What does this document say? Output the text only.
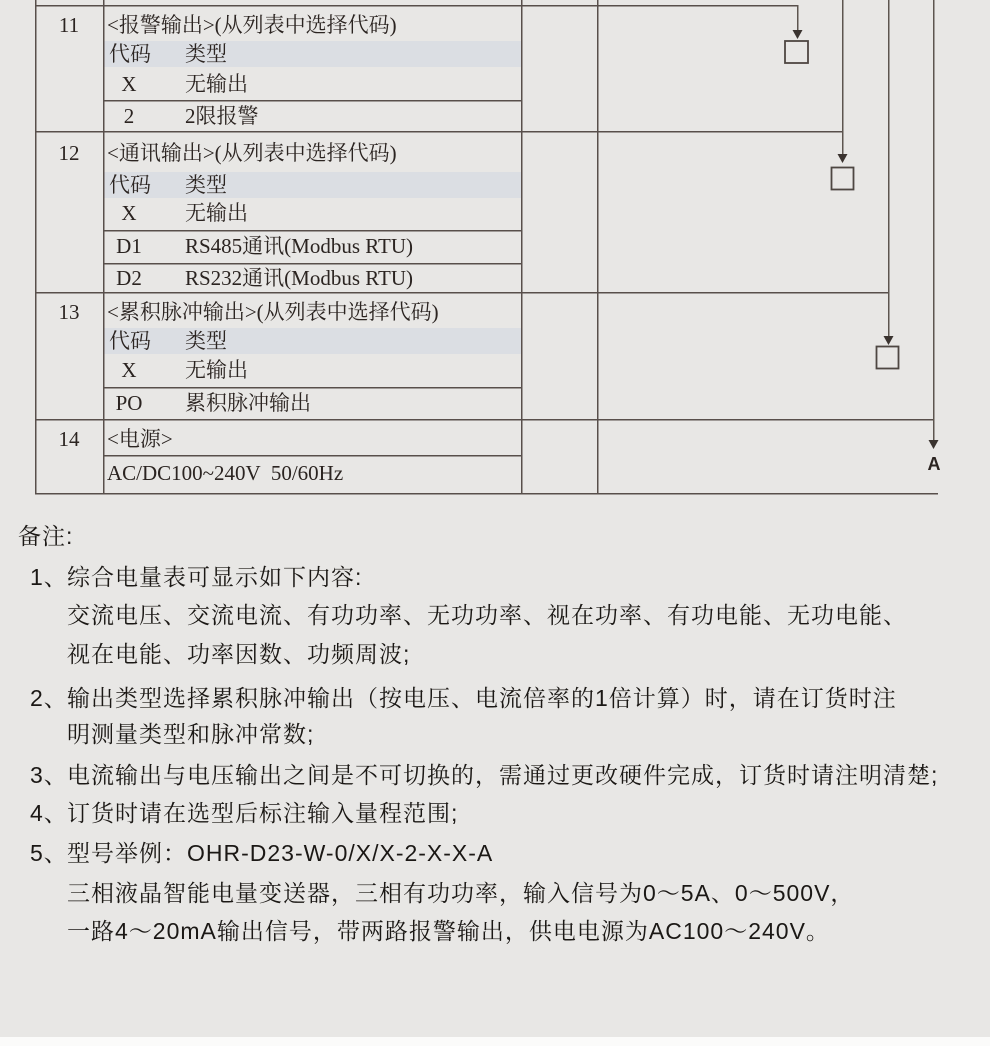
11	<报警输出>(从列表中选择代码)
代码 类型
X	无输出
2	2限报警
12	<通讯输出>(从列表中选择代码)
代码 类型
X	无输出
D1	RS485通讯(Modbus RTU)
D2	RS232通讯(Modbus RTU)
13	<累积脉冲输出>(从列表中选择代码)
代码 类型
X	无输出
PO	累积脉冲输出
14	<电源>
AC/DC100~240V  50/60Hz	A
备注:
1、 综合电量表可显示如下内容:
交流电压、交流电流、有功功率、无功功率、视在功率、有功电能、无功电能、
视在电能、功率因数、功频周波;
2、 输出类型选择累积脉冲输出（按电压、电流倍率的1倍计算）时，请在订货时注
明测量类型和脉冲常数;
3、 电流输出与电压输出之间是不可切换的，需通过更改硬件完成，订货时请注明清楚;
4、 订货时请在选型后标注输入量程范围;
5、 型号举例：OHR-D23-W-0/X/X-2-X-X-A
三相液晶智能电量变送器，三相有功功率，输入信号为0～5A、0～500V，
一路4～20mA输出信号，带两路报警输出，供电电源为AC100～240V。
